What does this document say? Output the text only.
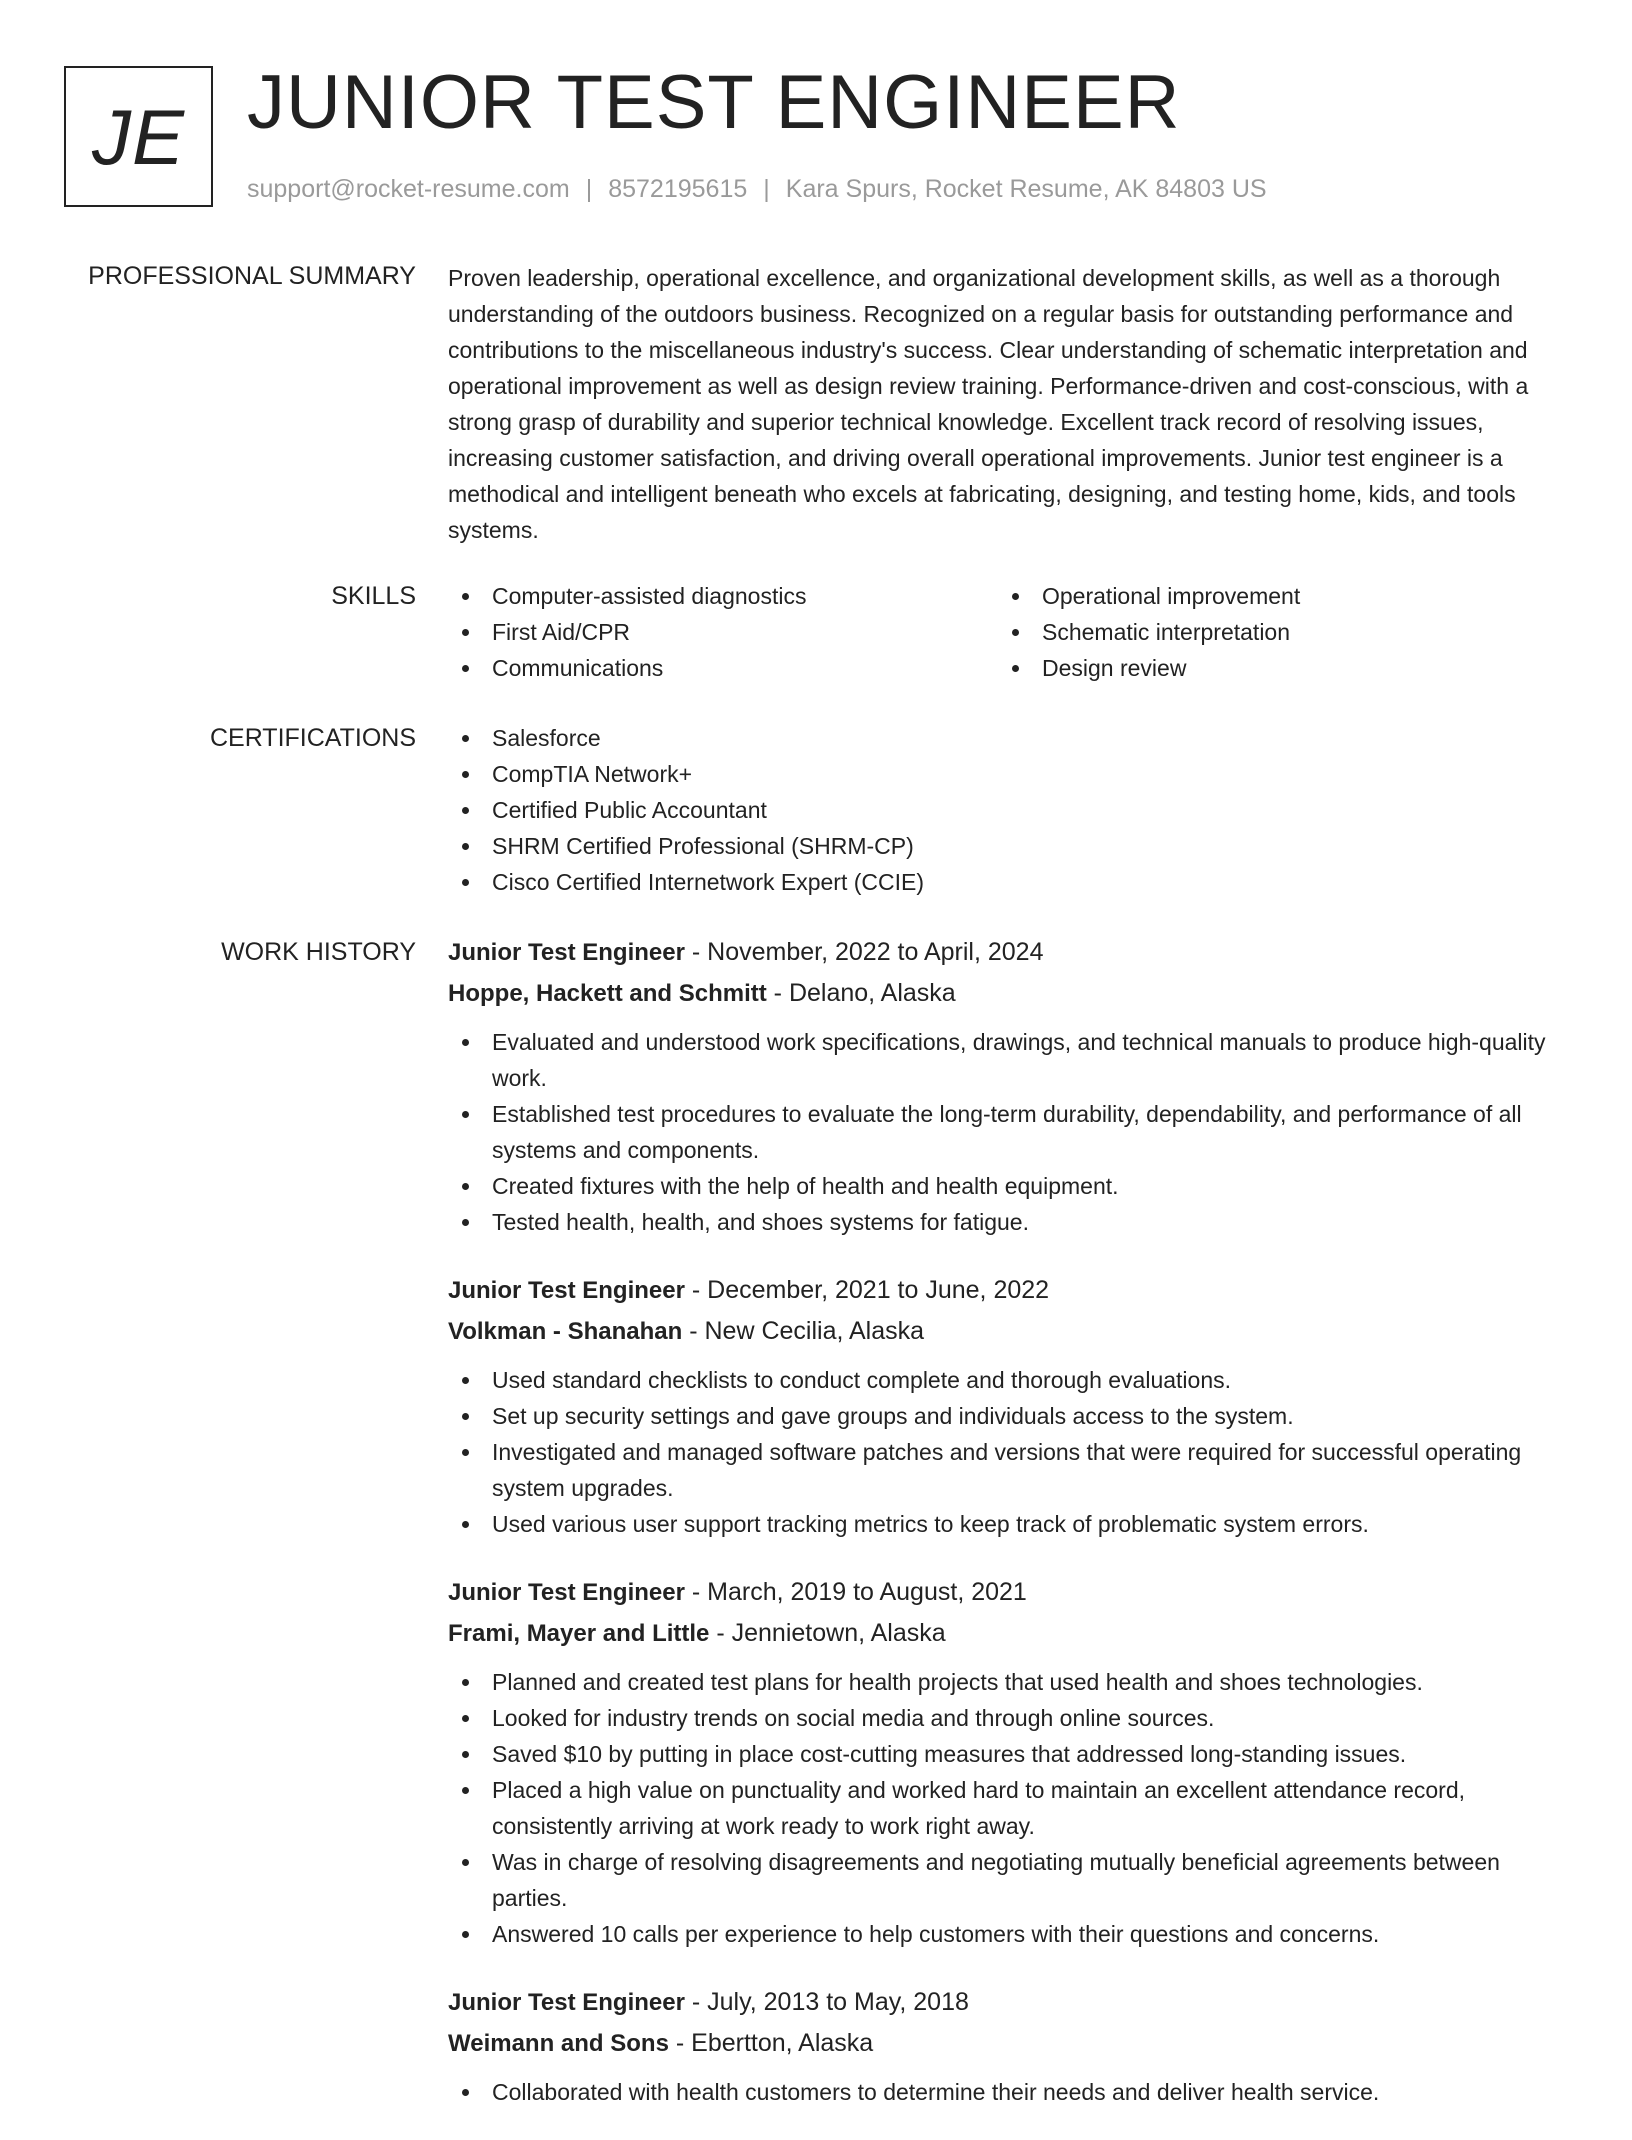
JE JUNIOR TEST ENGINEER
support@rocket-resume.com | 8572195615 | Kara Spurs, Rocket Resume, AK 84803 US
PROFESSIONAL SUMMARY Proven leadership, operational excellence, and organizational development skills, as well as a thorough understanding of the outdoors business. Recognized on a regular basis for outstanding performance and contributions to the miscellaneous industry's success. Clear understanding of schematic interpretation and operational improvement as well as design review training. Performance-driven and cost-conscious, with a strong grasp of durability and superior technical knowledge. Excellent track record of resolving issues, increasing customer satisfaction, and driving overall operational improvements. Junior test engineer is a methodical and intelligent beneath who excels at fabricating, designing, and testing home, kids, and tools systems.

SKILLS	Computer-assisted diagnostics
First Aid/CPR
Communications
Operational improvement
Schematic interpretation
Design review
CERTIFICATIONS	Salesforce
CompTIA Network+
Certified Public Accountant
SHRM Certified Professional (SHRM-CP)
Cisco Certified Internetwork Expert (CCIE)
WORK HISTORY Junior Test Engineer - November, 2022 to April, 2024
Hoppe, Hackett and Schmitt - Delano, Alaska
Evaluated and understood work specifications, drawings, and technical manuals to produce high-quality work.
Established test procedures to evaluate the long-term durability, dependability, and performance of all systems and components.
Created fixtures with the help of health and health equipment.
Tested health, health, and shoes systems for fatigue.
Junior Test Engineer - December, 2021 to June, 2022
Volkman - Shanahan - New Cecilia, Alaska
Used standard checklists to conduct complete and thorough evaluations.
Set up security settings and gave groups and individuals access to the system.
Investigated and managed software patches and versions that were required for successful operating system upgrades.
Used various user support tracking metrics to keep track of problematic system errors.
Junior Test Engineer - March, 2019 to August, 2021
Frami, Mayer and Little - Jennietown, Alaska
Planned and created test plans for health projects that used health and shoes technologies.
Looked for industry trends on social media and through online sources.
Saved $10 by putting in place cost-cutting measures that addressed long-standing issues.
Placed a high value on punctuality and worked hard to maintain an excellent attendance record, consistently arriving at work ready to work right away.
Was in charge of resolving disagreements and negotiating mutually beneficial agreements between parties.
Answered 10 calls per experience to help customers with their questions and concerns.
Junior Test Engineer - July, 2013 to May, 2018
Weimann and Sons - Ebertton, Alaska
Collaborated with health customers to determine their needs and deliver health service.
